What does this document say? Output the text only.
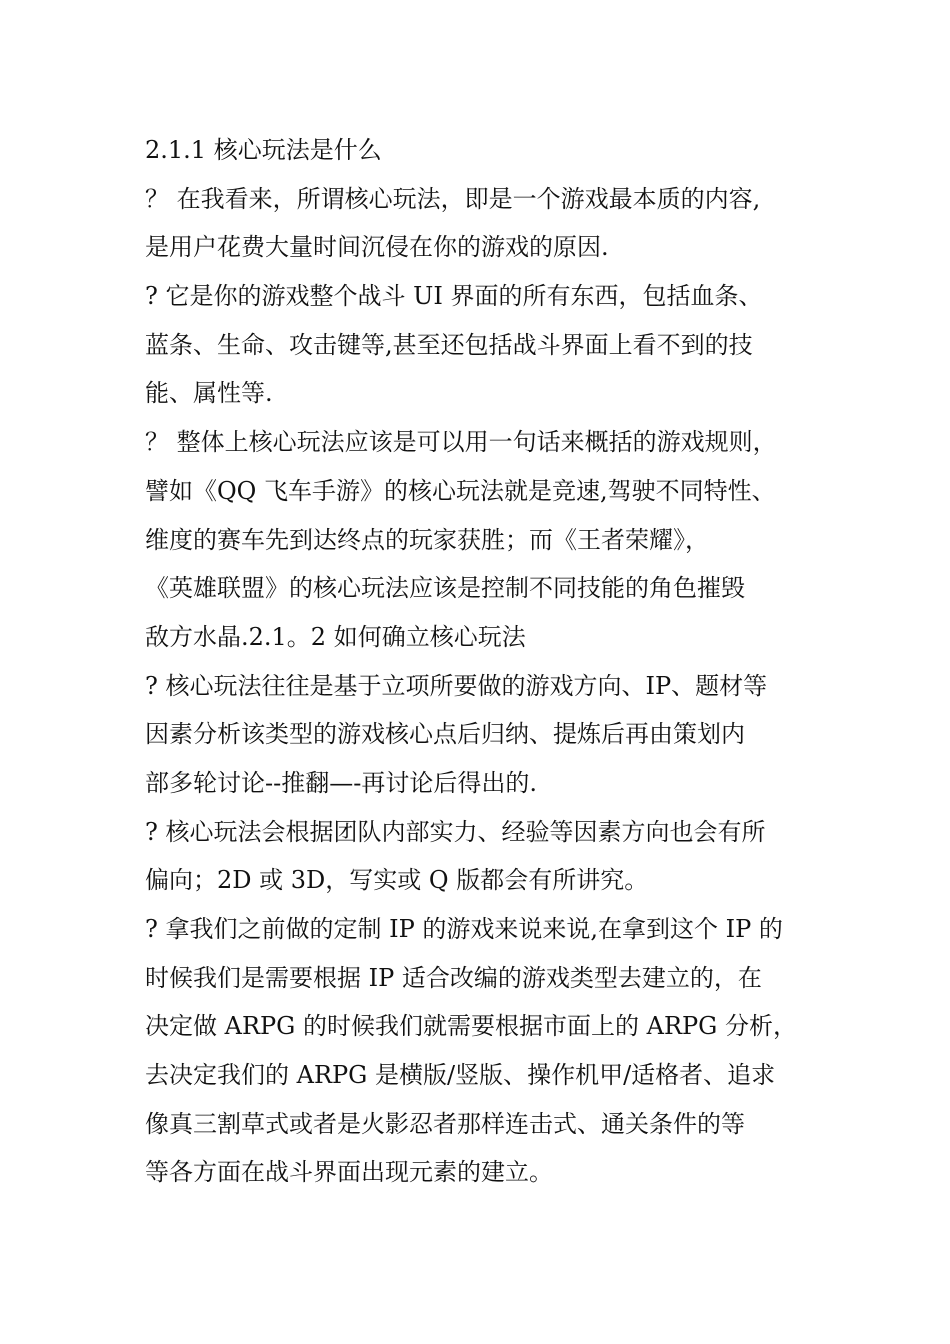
2.1.1 核心玩法是什么
？ 在我看来，所谓核心玩法，即是一个游戏最本质的内容,
是用户花费大量时间沉侵在你的游戏的原因.
? 它是你的游戏整个战斗 UI 界面的所有东西，包括血条、
蓝条、生命、攻击键等,甚至还包括战斗界面上看不到的技
能、属性等.
？ 整体上核心玩法应该是可以用一句话来概括的游戏规则，
譬如《QQ 飞车手游》的核心玩法就是竞速,驾驶不同特性、
维度的赛车先到达终点的玩家获胜；而《王者荣耀》，
《英雄联盟》的核心玩法应该是控制不同技能的角色摧毁
敌方水晶.2.1。2 如何确立核心玩法
? 核心玩法往往是基于立项所要做的游戏方向、IP、题材等
因素分析该类型的游戏核心点后归纳、提炼后再由策划内
部多轮讨论--推翻—-再讨论后得出的.
? 核心玩法会根据团队内部实力、经验等因素方向也会有所
偏向；2D 或 3D，写实或 Q 版都会有所讲究。
? 拿我们之前做的定制 IP 的游戏来说来说,在拿到这个 IP 的
时候我们是需要根据 IP 适合改编的游戏类型去建立的，在
决定做 ARPG 的时候我们就需要根据市面上的 ARPG 分析，
去决定我们的 ARPG 是横版/竖版、操作机甲/适格者、追求
像真三割草式或者是火影忍者那样连击式、通关条件的等
等各方面在战斗界面出现元素的建立。
